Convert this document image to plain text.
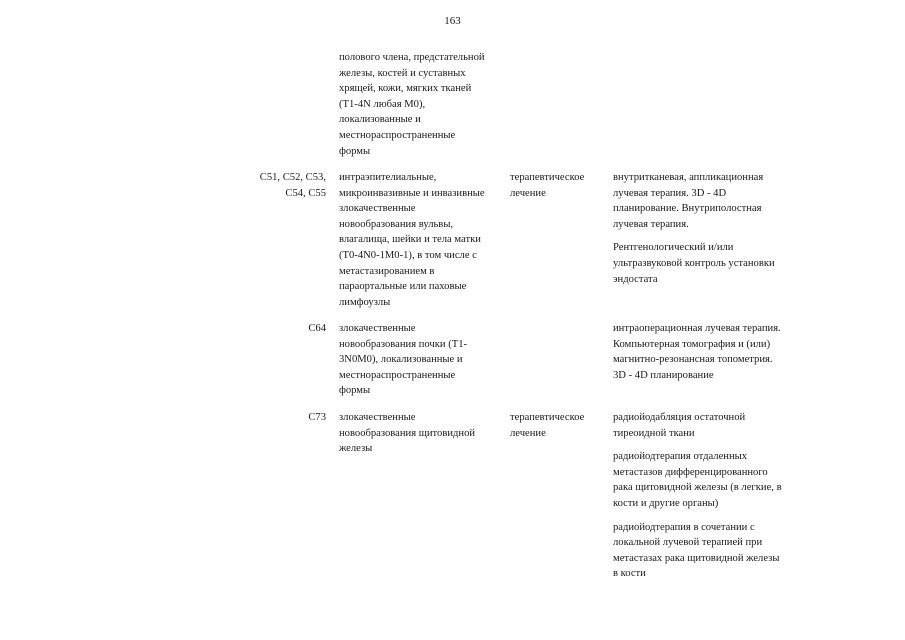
163
полового члена, предстательной
железы, костей и суставных
хрящей, кожи, мягких тканей
(T1-4N любая M0),
локализованные и
местнораспространенные
формы
C51, C52, C53,
C54, C55
интраэпителиальные,
микроинвазивные и инвазивные
злокачественные
новообразования вульвы,
влагалища, шейки и тела матки
(T0-4N0-1M0-1), в том числе с
метастазированием в
параортальные или паховые
лимфоузлы
терапевтическое
лечение

внутритканевая, аппликационная
лучевая терапия. 3D - 4D
планирование. Внутриполостная
лучевая терапия.

Рентгенологический и/или
ультразвуковой контроль установки
эндостата

C64 злокачественные
новообразования почки (T1-
3N0M0), локализованные и
местнораспространенные
формы

интраоперационная лучевая терапия.
Компьютерная томография и (или)
магнитно-резонансная топометрия.
3D - 4D планирование

C73 злокачественные
новообразования щитовидной
железы
терапевтическое
лечение

радиойодабляция остаточной
тиреоидной ткани

радиойодтерапия отдаленных
метастазов дифференцированного
рака щитовидной железы (в легкие, в
кости и другие органы)

радиойодтерапия в сочетании с
локальной лучевой терапией при
метастазах рака щитовидной железы
в кости
